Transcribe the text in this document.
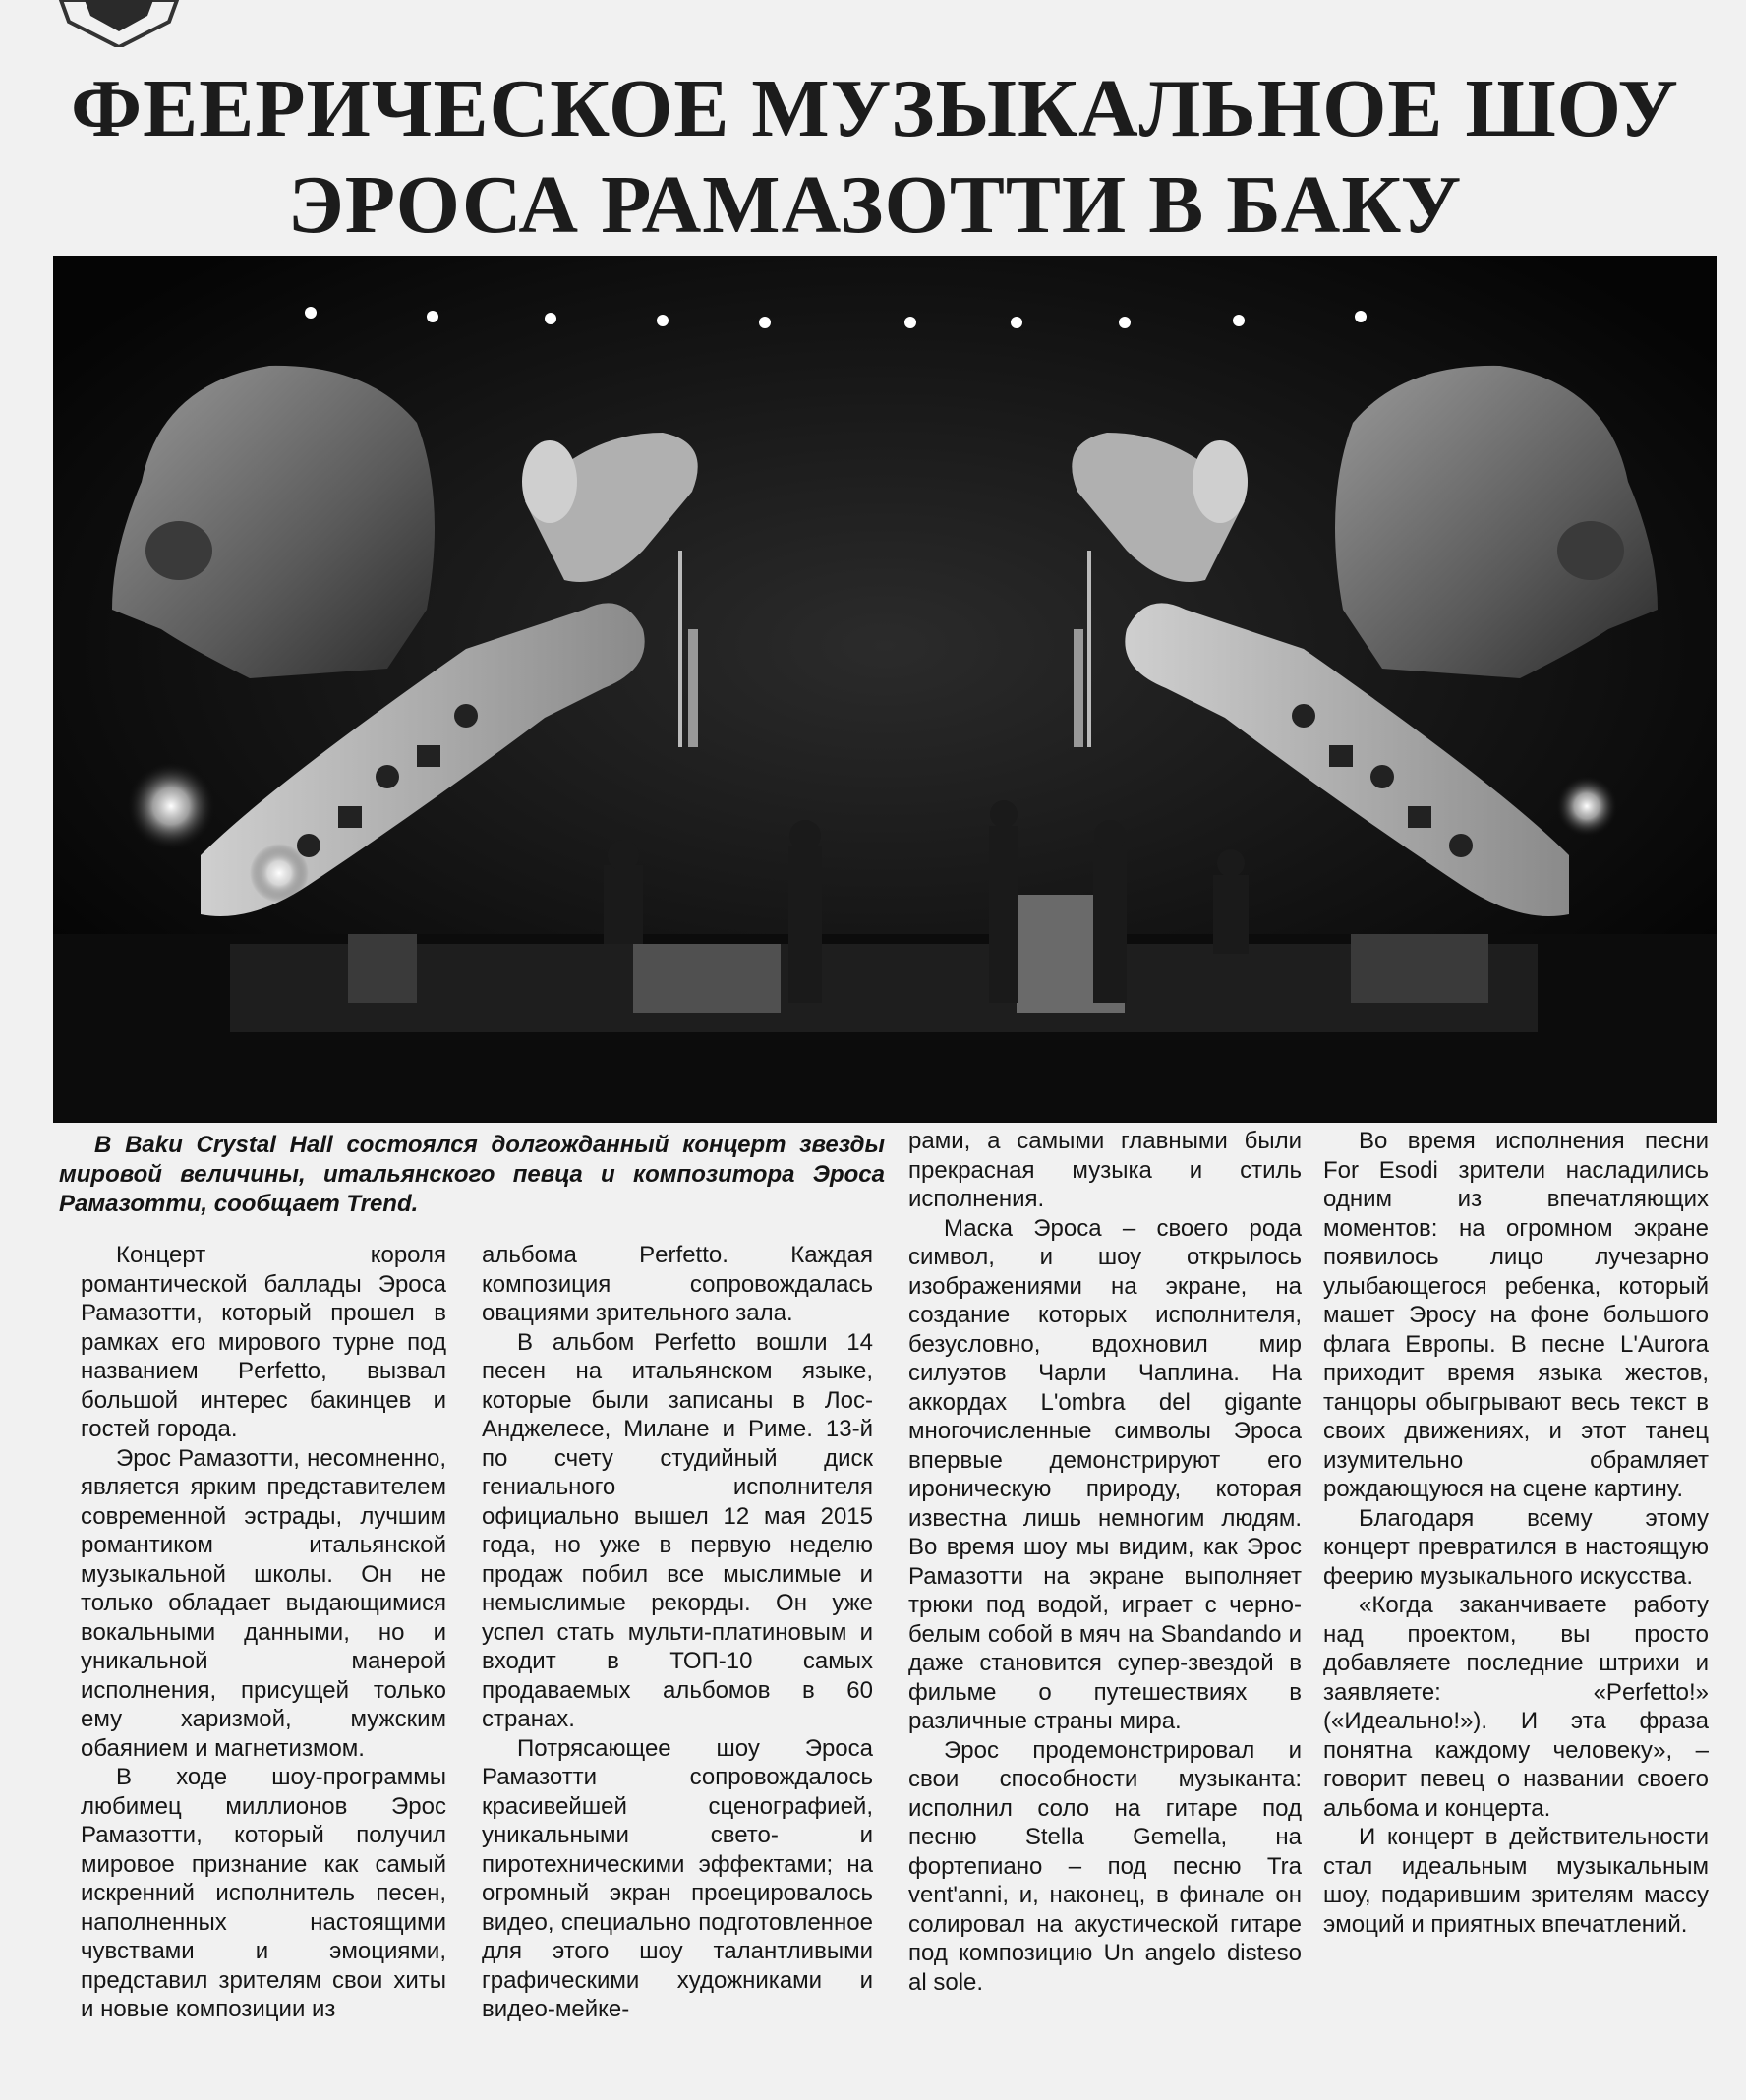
ФЕЕРИЧЕСКОЕ МУЗЫКАЛЬНОЕ ШОУ
ЭРОСА РАМАЗОТТИ В БАКУ
В Baku Crystal Hall состоялся долгожданный концерт звезды мировой величины, итальянского певца и композитора Эроса Рамазотти, сообщает Trend.

Концерт короля романтической баллады Эроса Рамазотти, который прошел в рамках его мирового турне под названием Perfetto, вызвал большой интерес бакинцев и гостей города.

Эрос Рамазотти, несомненно, является ярким представителем современной эстрады, лучшим романтиком итальянской музыкальной школы. Он не только обладает выдающимися вокальными данными, но и уникальной манерой исполнения, присущей только ему харизмой, мужским обаянием и магнетизмом.

В ходе шоу-программы любимец миллионов Эрос Рамазотти, который получил мировое признание как самый искренний исполнитель песен, наполненных настоящими чувствами и эмоциями, представил зрителям свои хиты и новые композиции из

альбома Perfetto. Каждая композиция сопровождалась овациями зрительного зала.

В альбом Perfetto вошли 14 песен на итальянском языке, которые были записаны в Лос-Анджелесе, Милане и Риме. 13-й по счету студийный диск гениального исполнителя официально вышел 12 мая 2015 года, но уже в первую неделю продаж побил все мыслимые и немыслимые рекорды. Он уже успел стать мульти-платиновым и входит в ТОП-10 самых продаваемых альбомов в 60 странах.

Потрясающее шоу Эроса Рамазотти сопровождалось красивейшей сценографией, уникальными свето- и пиротехническими эффектами; на огромный экран проецировалось видео, специально подготовленное для этого шоу талантливыми графическими художниками и видео-мейке-

рами, а самыми главными были прекрасная музыка и стиль исполнения.

Маска Эроса – своего рода символ, и шоу открылось изображениями на экране, на создание которых исполнителя, безусловно, вдохновил мир силуэтов Чарли Чаплина. На аккордах L'ombra del gigante многочисленные символы Эроса впервые демонстрируют его ироническую природу, которая известна лишь немногим людям. Во время шоу мы видим, как Эрос Рамазотти на экране выполняет трюки под водой, играет с черно-белым собой в мяч на Sbandando и даже становится супер-звездой в фильме о путешествиях в различные страны мира.

Эрос продемонстрировал и свои способности музыканта: исполнил соло на гитаре под песню Stella Gemella, на фортепиано – под песню Tra vent'anni, и, наконец, в финале он солировал на акустической гитаре под композицию Un angelo disteso al sole.

Во время исполнения песни For Esodi зрители насладились одним из впечатляющих моментов: на огромном экране появилось лицо лучезарно улыбающегося ребенка, который машет Эросу на фоне большого флага Европы. В песне L'Aurora приходит время языка жестов, танцоры обыгрывают весь текст в своих движениях, и этот танец изумительно обрамляет рождающуюся на сцене картину.

Благодаря всему этому концерт превратился в настоящую феерию музыкального искусства.

«Когда заканчиваете работу над проектом, вы просто добавляете последние штрихи и заявляете: «Perfetto!» («Идеально!»). И эта фраза понятна каждому человеку», – говорит певец о названии своего альбома и концерта.

И концерт в действительности стал идеальным музыкальным шоу, подарившим зрителям массу эмоций и приятных впечатлений.
